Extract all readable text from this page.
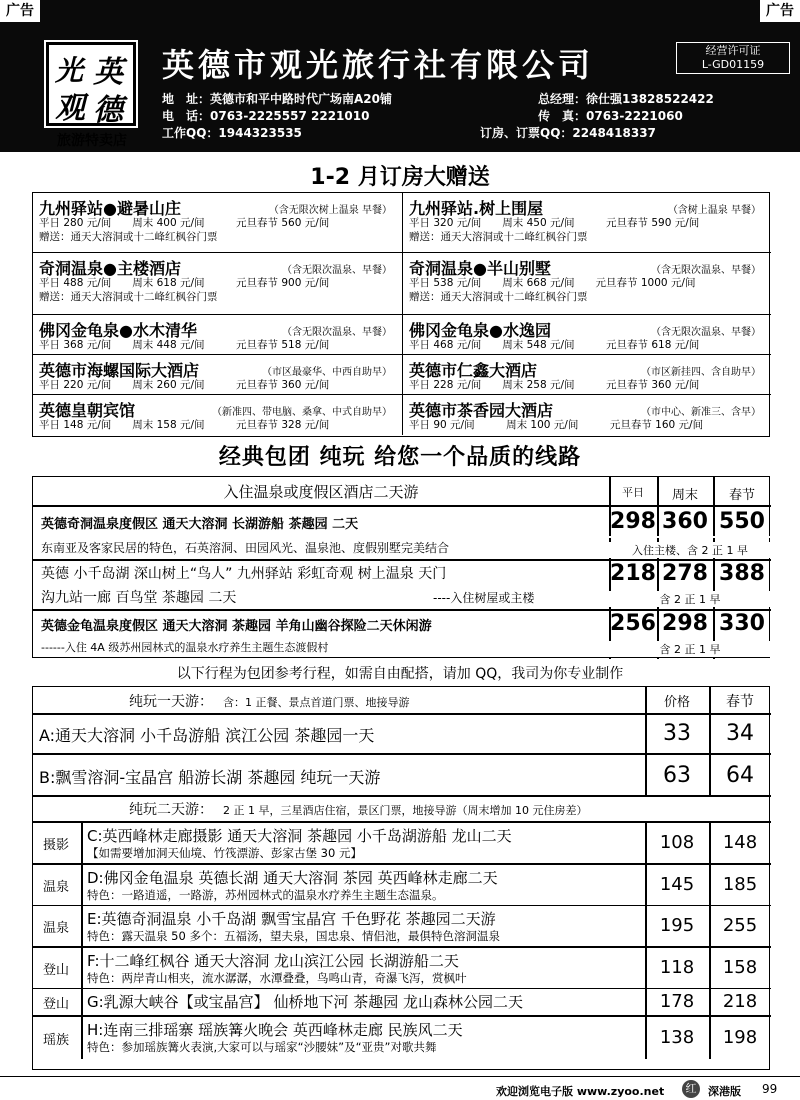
广告	广告
观
英
光
德
旅游特卖店
英德市观光旅行社有限公司	经营许可证
L-GD01159
地　址：英德市和平中路时代广场南A20铺	总经理：徐仕强13828522422
电　话：0763-2225557 2221010	传　真：0763-2221060
工作QQ：1944323535	订房、订票QQ：2248418337
1-2 月订房大赠送
九州驿站●避暑山庄	（含无限次树上温泉 早餐）
平日 280 元/间　　周末 400 元/间　　　元旦春节 560 元/间
赠送：通天大溶洞或十二峰红枫谷门票
九州驿站.树上围屋	（含树上温泉 早餐）
平日 320 元/间　　周末 450 元/间　　　元旦春节 590 元/间
赠送：通天大溶洞或十二峰红枫谷门票
奇洞温泉●主楼酒店	（含无限次温泉、早餐）
平日 488 元/间　　周末 618 元/间　　　元旦春节 900 元/间
赠送：通天大溶洞或十二峰红枫谷门票
奇洞温泉●半山别墅	（含无限次温泉、早餐）
平日 538 元/间　　周末 668 元/间　　元旦春节 1000 元/间
赠送：通天大溶洞或十二峰红枫谷门票
佛冈金龟泉●水木清华	（含无限次温泉、早餐）
平日 368 元/间　　周末 448 元/间　　　元旦春节 518 元/间
佛冈金龟泉●水逸园	（含无限次温泉、早餐）
平日 468 元/间　　周末 548 元/间　　　元旦春节 618 元/间
英德市海螺国际大酒店	（市区最豪华、中西自助早）
平日 220 元/间　　周末 260 元/间　　　元旦春节 360 元/间
英德市仁鑫大酒店	（市区新挂四、含自助早）
平日 228 元/间　　周末 258 元/间　　　元旦春节 360 元/间
英德皇朝宾馆	（新准四、带电脑、桑拿、中式自助早）
平日 148 元/间　　周末 158 元/间　　　元旦春节 328 元/间
英德市茶香园大酒店	（市中心、新准三、含早）
平日 90 元/间　　　周末 100 元/间　　　元旦春节 160 元/间
经典包团 纯玩 给您一个品质的线路
入住温泉或度假区酒店二天游	平日	周末	春节
英德奇洞温泉度假区 通天大溶洞 长湖游船 茶趣园 二天
东南亚及客家民居的特色，石英溶洞、田园风光、温泉池、度假别墅完美结合
298 360 550
入住主楼、含 2 正 1 早
英德 小千岛湖 深山树上“鸟人” 九州驿站 彩虹奇观 树上温泉 天门
沟九站一廊 百鸟堂 茶趣园 二天	----入住树屋或主楼
218 278 388
含 2 正 1 早
英德金龟温泉度假区 通天大溶洞 茶趣园 羊角山幽谷探险二天休闲游
------入住 4A 级苏州园林式的温泉水疗养生主题生态渡假村
256 298 330
含 2 正 1 早
以下行程为包团参考行程，如需自由配搭，请加 QQ，我司为你专业制作
纯玩一天游： 含：1 正餐、景点首道门票、地接导游	价格	春节
A:通天大溶洞 小千岛游船 滨江公园 茶趣园一天	33	34
B:飘雪溶洞-宝晶宫 船游长湖 茶趣园 纯玩一天游	63	64
纯玩二天游： 2 正 1 早，三星酒店住宿，景区门票，地接导游（周末增加 10 元住房差）
摄影
C:英西峰林走廊摄影 通天大溶洞 茶趣园 小千岛湖游船 龙山二天
【如需要增加洞天仙境、竹筏漂游、彭家古堡 30 元】	108	148
温泉
D:佛冈金龟温泉 英德长湖 通天大溶洞 茶园 英西峰林走廊二天
特色：一路逍遥，一路游，苏州园林式的温泉水疗养生主题生态温泉。	145	185
温泉
E:英德奇洞温泉 小千岛湖 飘雪宝晶宫 千色野花 茶趣园二天游
特色：露天温泉 50 多个：五福汤，望夫泉，国忠泉、情侣池，最俱特色溶洞温泉	195	255
登山
F:十二峰红枫谷 通天大溶洞 龙山滨江公园 长湖游船二天
特色：两岸青山相夹，流水潺潺，水潭叠叠，鸟鸣山青，奇瀑飞泻，赏枫叶	118	158
登山	G:乳源大峡谷【或宝晶宫】 仙桥地下河 茶趣园 龙山森林公园二天	178	218
瑶族
H:连南三排瑶寨 瑶族篝火晚会 英西峰林走廊 民族风二天
特色：参加瑶族篝火表演,大家可以与瑶家“沙腰妹”及“亚贵”对歌共舞	138	198
欢迎浏览电子版 www.zyoo.net	红	深港版 99
